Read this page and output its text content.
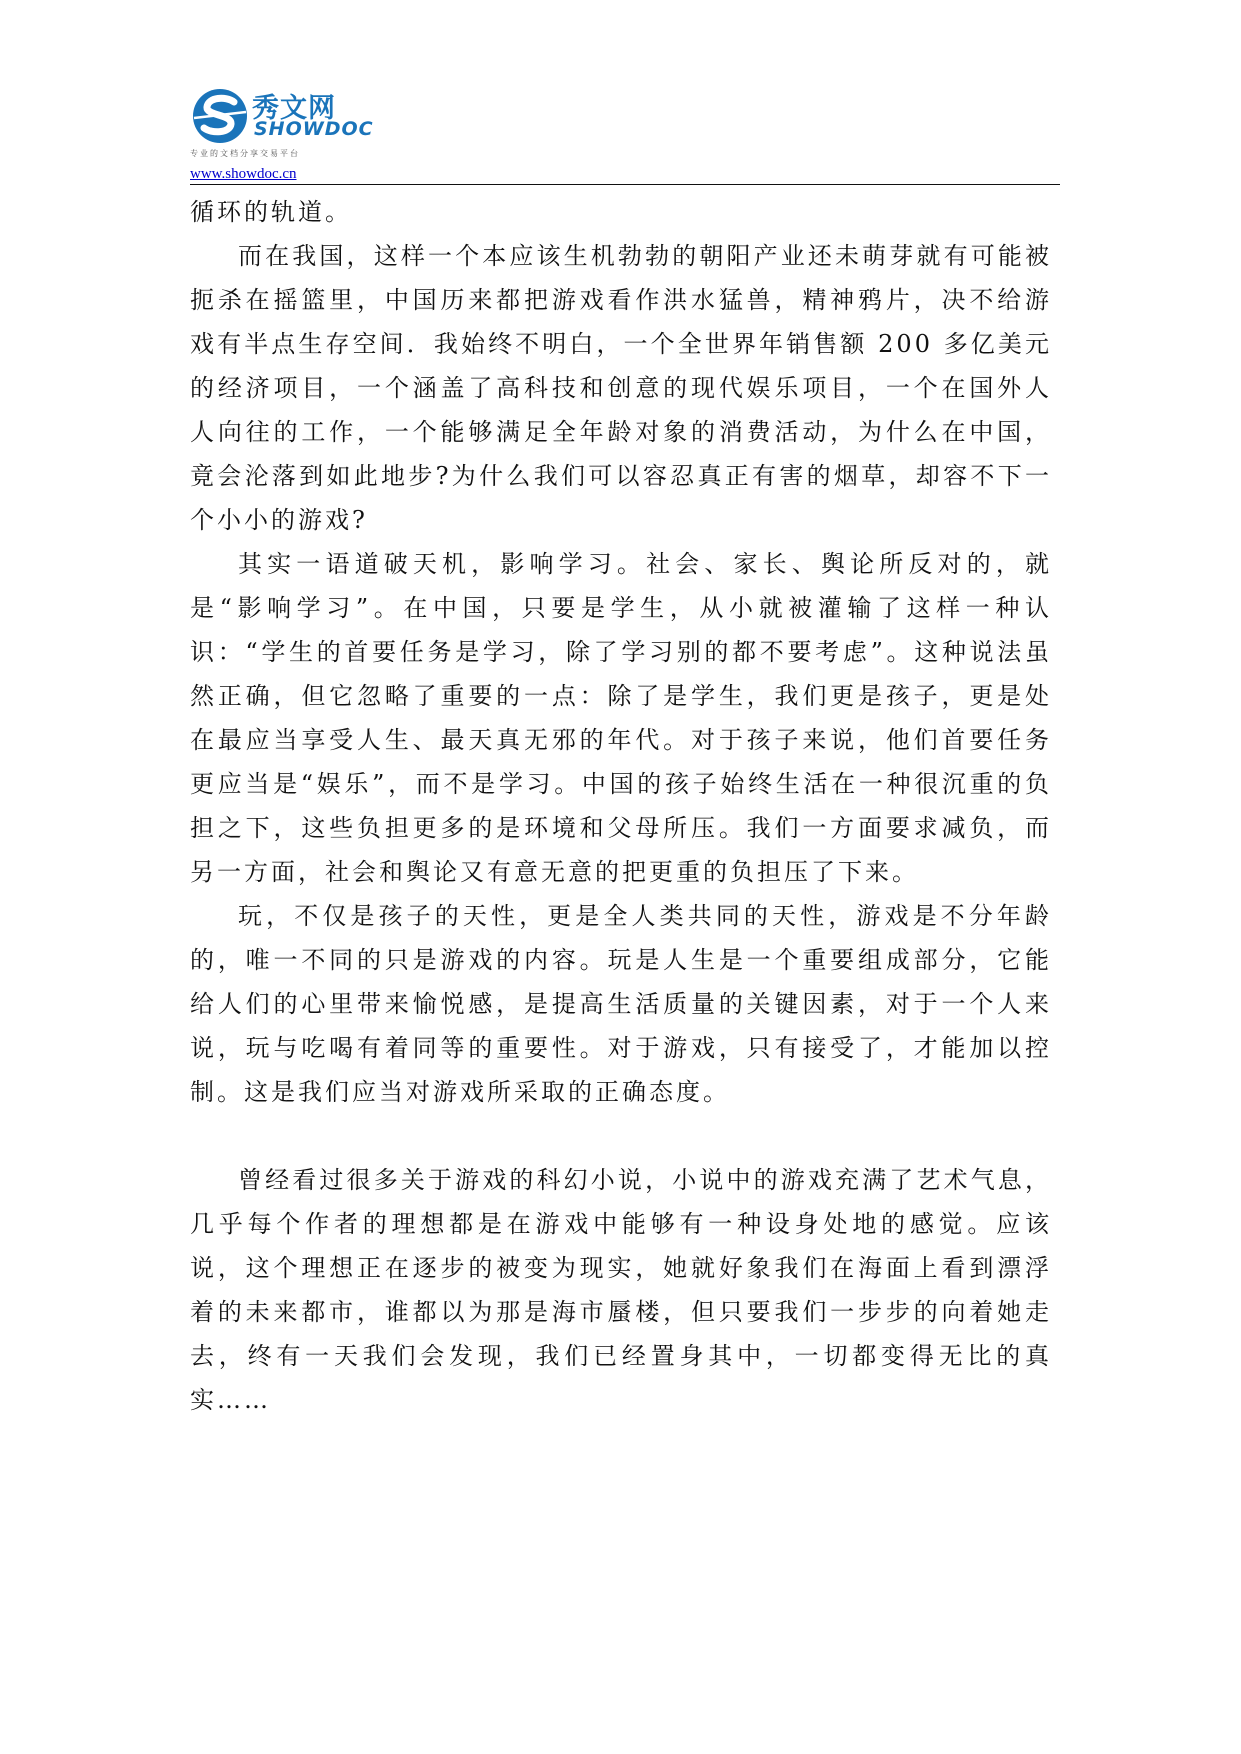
秀文网
SHOWDOC
专业的文档分享交易平台
www.showdoc.cn

循环的轨道。

而在我国，这样一个本应该生机勃勃的朝阳产业还未萌芽就有可能被扼杀在摇篮里，中国历来都把游戏看作洪水猛兽，精神鸦片，决不给游戏有半点生存空间．我始终不明白，一个全世界年销售额 200 多亿美元的经济项目，一个涵盖了高科技和创意的现代娱乐项目，一个在国外人人向往的工作，一个能够满足全年龄对象的消费活动，为什么在中国，竟会沦落到如此地步?为什么我们可以容忍真正有害的烟草，却容不下一个小小的游戏?

其实一语道破天机，影响学习。社会、家长、舆论所反对的，就是“影响学习”。在中国，只要是学生，从小就被灌输了这样一种认识：“学生的首要任务是学习，除了学习别的都不要考虑”。这种说法虽然正确，但它忽略了重要的一点：除了是学生，我们更是孩子，更是处在最应当享受人生、最天真无邪的年代。对于孩子来说，他们首要任务更应当是“娱乐”，而不是学习。中国的孩子始终生活在一种很沉重的负担之下，这些负担更多的是环境和父母所压。我们一方面要求减负，而另一方面，社会和舆论又有意无意的把更重的负担压了下来。

玩，不仅是孩子的天性，更是全人类共同的天性，游戏是不分年龄的，唯一不同的只是游戏的内容。玩是人生是一个重要组成部分，它能给人们的心里带来愉悦感，是提高生活质量的关键因素，对于一个人来说，玩与吃喝有着同等的重要性。对于游戏，只有接受了，才能加以控制。这是我们应当对游戏所采取的正确态度。

曾经看过很多关于游戏的科幻小说，小说中的游戏充满了艺术气息，几乎每个作者的理想都是在游戏中能够有一种设身处地的感觉。应该说，这个理想正在逐步的被变为现实，她就好象我们在海面上看到漂浮着的未来都市，谁都以为那是海市蜃楼，但只要我们一步步的向着她走去，终有一天我们会发现，我们已经置身其中，一切都变得无比的真实……
